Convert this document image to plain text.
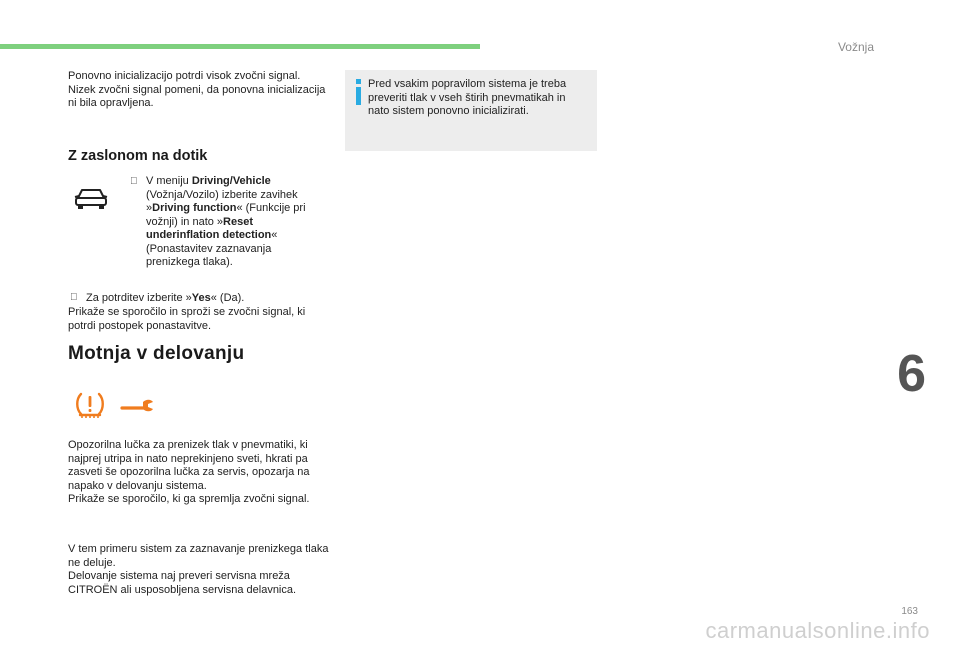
Vožnja
Ponovno inicializacijo potrdi visok zvočni signal.
Nizek zvočni signal pomeni, da ponovna inicializacija ni bila opravljena.
Pred vsakim popravilom sistema je treba preveriti tlak v vseh štirih pnevmatikah in nato sistem ponovno inicializirati.
Z zaslonom na dotik
V meniju Driving/Vehicle (Vožnja/Vozilo) izberite zavihek »Driving function« (Funkcije pri vožnji) in nato »Reset underinflation detection« (Ponastavitev zaznavanja prenizkega tlaka).
Za potrditev izberite »Yes« (Da).
Prikaže se sporočilo in sproži se zvočni signal, ki potrdi postopek ponastavitve.
Motnja v delovanju
Opozorilna lučka za prenizek tlak v pnevmatiki, ki najprej utripa in nato neprekinjeno sveti, hkrati pa zasveti še opozorilna lučka za servis, opozarja na napako v delovanju sistema.
Prikaže se sporočilo, ki ga spremlja zvočni signal.
V tem primeru sistem za zaznavanje prenizkega tlaka ne deluje.
Delovanje sistema naj preveri servisna mreža CITROËN ali usposobljena servisna delavnica.
6
163
carmanualsonline.info
